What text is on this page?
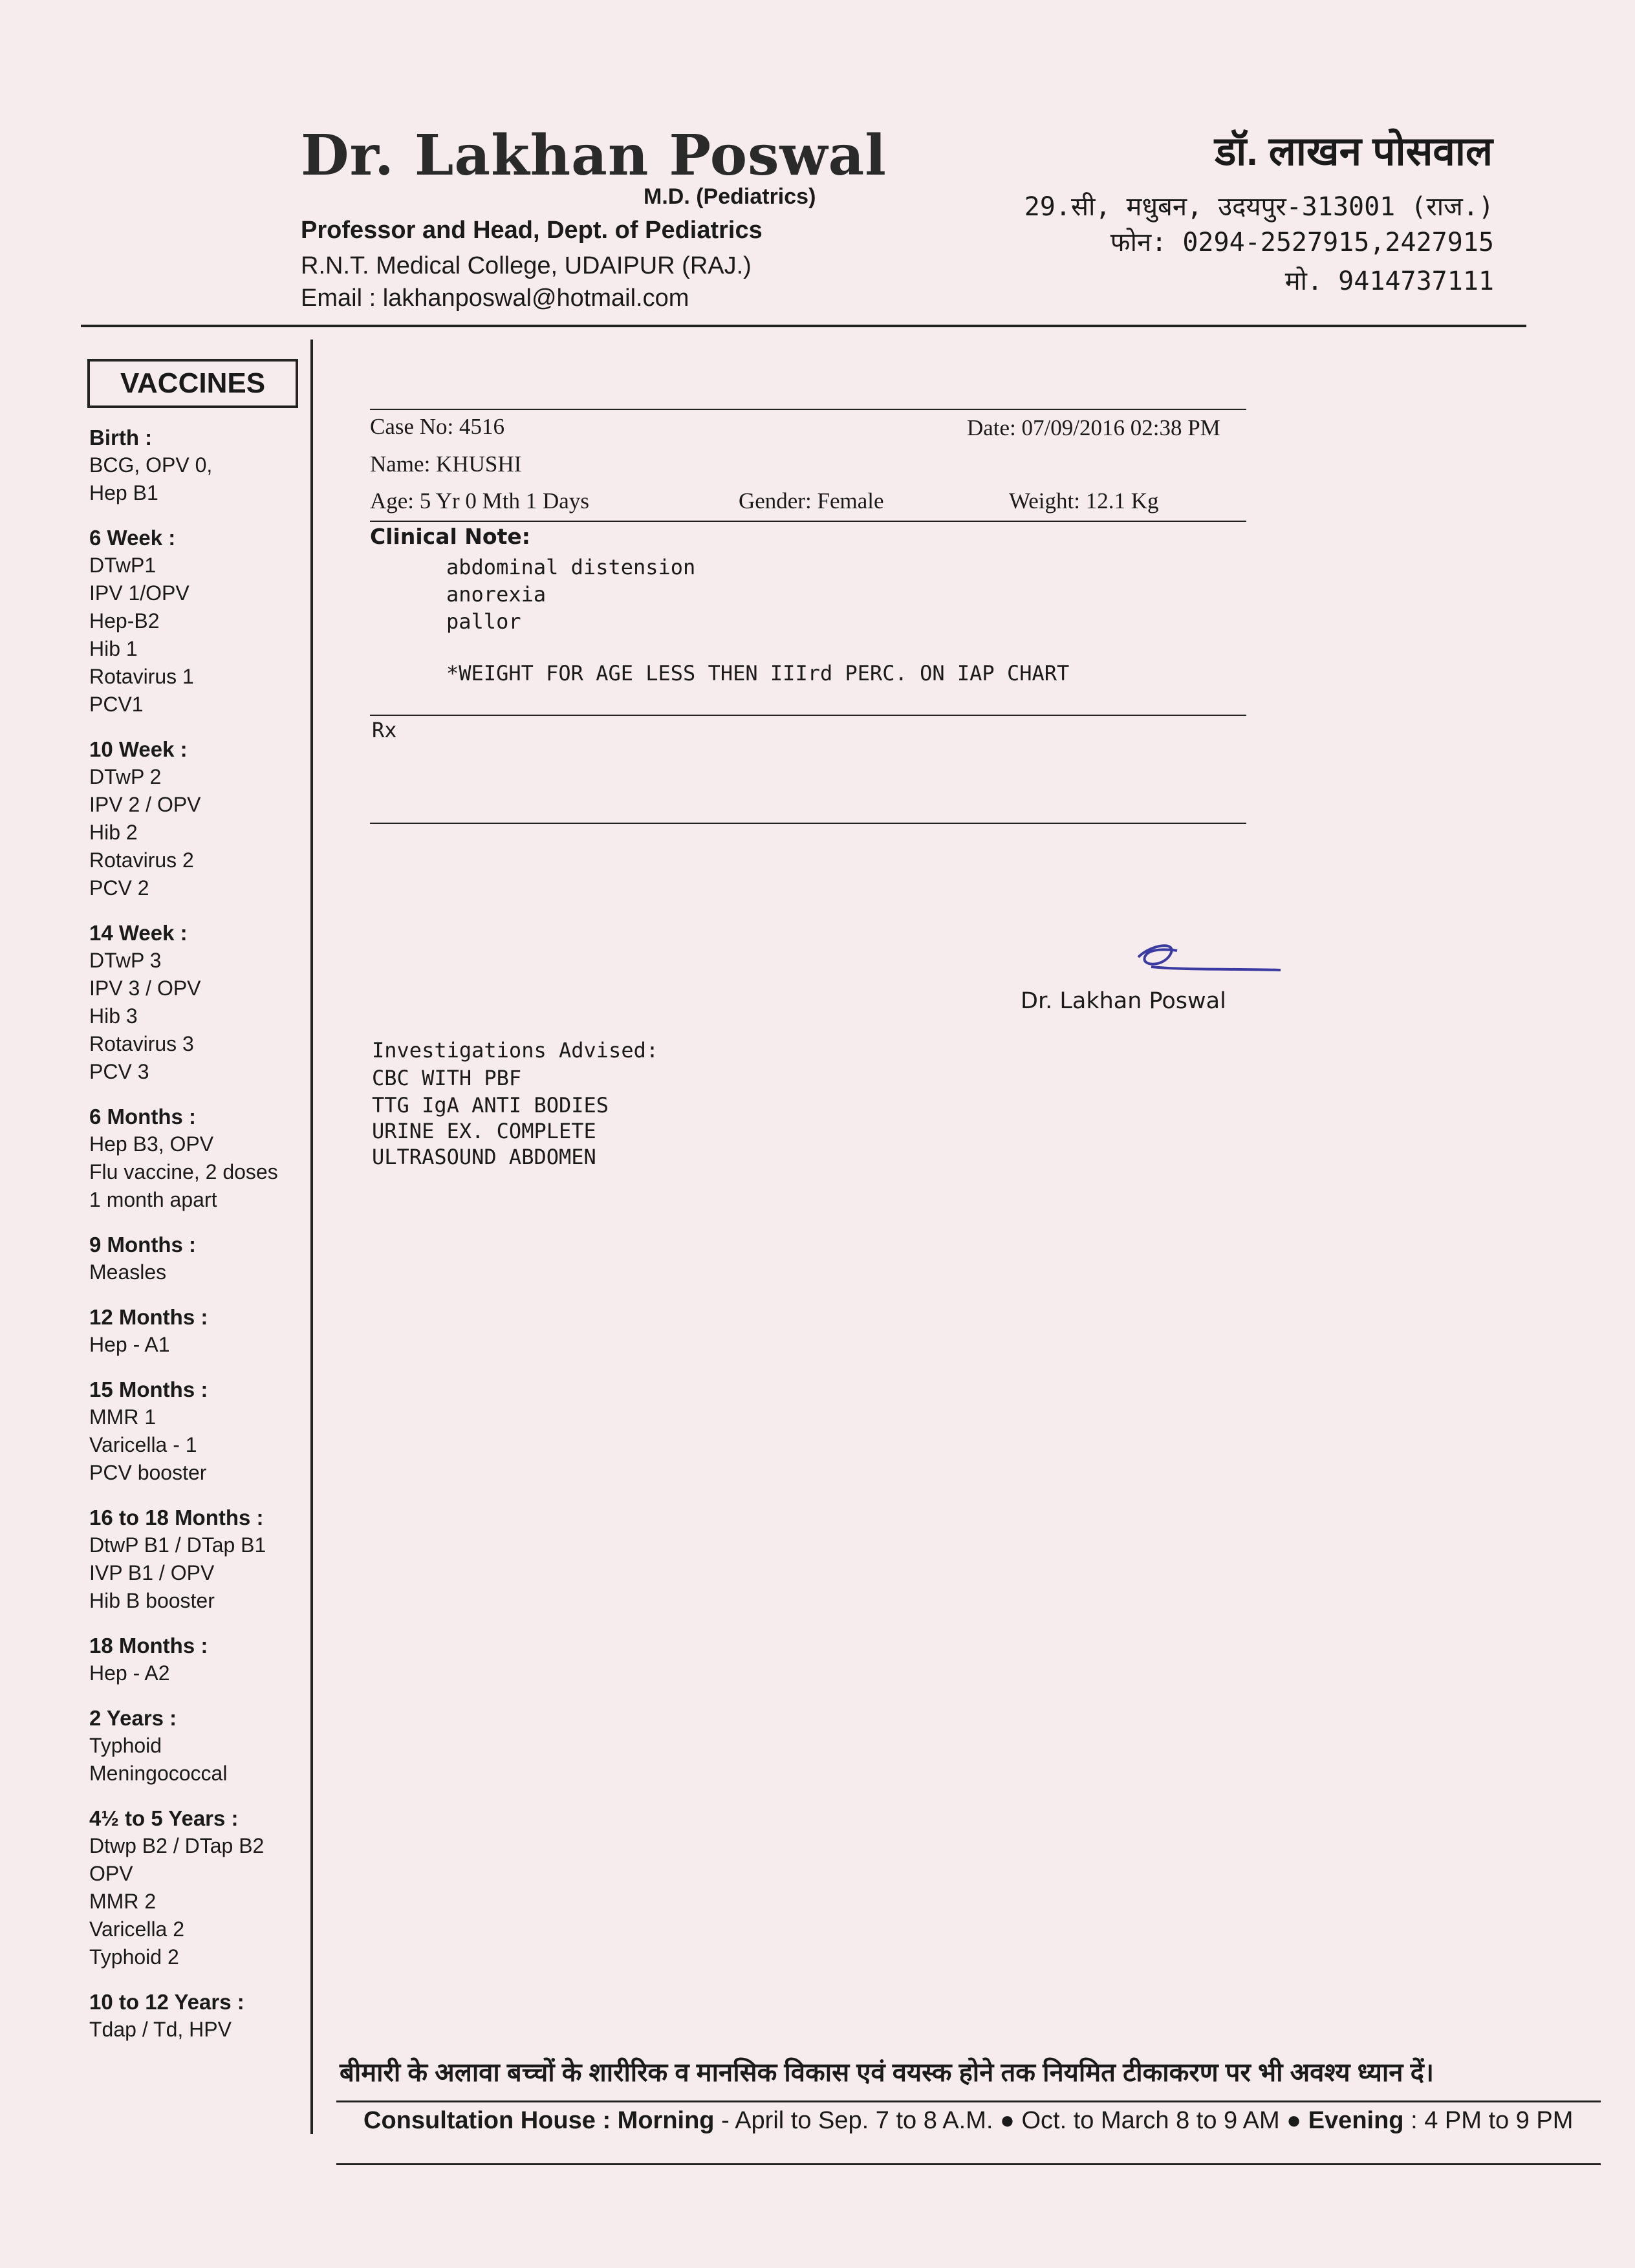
Dr. Lakhan Poswal
M.D. (Pediatrics)
Professor and Head, Dept. of Pediatrics
R.N.T. Medical College, UDAIPUR (RAJ.)
Email : lakhanposwal@hotmail.com
डॉ. लाखन पोसवाल
29.सी, मधुबन, उदयपुर-313001 (राज.)
फोन: 0294-2527915,2427915
मो. 9414737111
VACCINES
Birth :
BCG, OPV 0,
Hep B1
6 Week :
DTwP1
IPV 1/OPV
Hep-B2
Hib 1
Rotavirus 1
PCV1
10 Week :
DTwP 2
IPV 2 / OPV
Hib 2
Rotavirus 2
PCV 2
14 Week :
DTwP 3
IPV 3 / OPV
Hib 3
Rotavirus 3
PCV 3
6 Months :
Hep B3, OPV
Flu vaccine, 2 doses
1 month apart
9 Months :
Measles
12 Months :
Hep - A1
15 Months :
MMR 1
Varicella - 1
PCV booster
16 to 18 Months :
DtwP B1 / DTap B1
IVP B1 / OPV
Hib B booster
18 Months :
Hep - A2
2 Years :
Typhoid
Meningococcal
4½ to 5 Years :
Dtwp B2 / DTap B2
OPV
MMR 2
Varicella 2
Typhoid 2
10 to 12 Years :
Tdap / Td, HPV
Case No: 4516	Date: 07/09/2016 02:38 PM
Name: KHUSHI
Age: 5 Yr 0 Mth 1 Days	Gender: Female	Weight: 12.1 Kg
Clinical Note:
abdominal distension
anorexia
pallor
*WEIGHT FOR AGE LESS THEN IIIrd PERC. ON IAP CHART
Rx
Dr. Lakhan Poswal
Investigations Advised:
CBC WITH PBF
TTG IgA ANTI BODIES
URINE EX. COMPLETE
ULTRASOUND ABDOMEN
बीमारी के अलावा बच्चों के शारीरिक व मानसिक विकास एवं वयस्क होने तक नियमित टीकाकरण पर भी अवश्य ध्यान दें।
Consultation House : Morning - April to Sep. 7 to 8 A.M. ● Oct. to March 8 to 9 AM ● Evening : 4 PM to 9 PM
